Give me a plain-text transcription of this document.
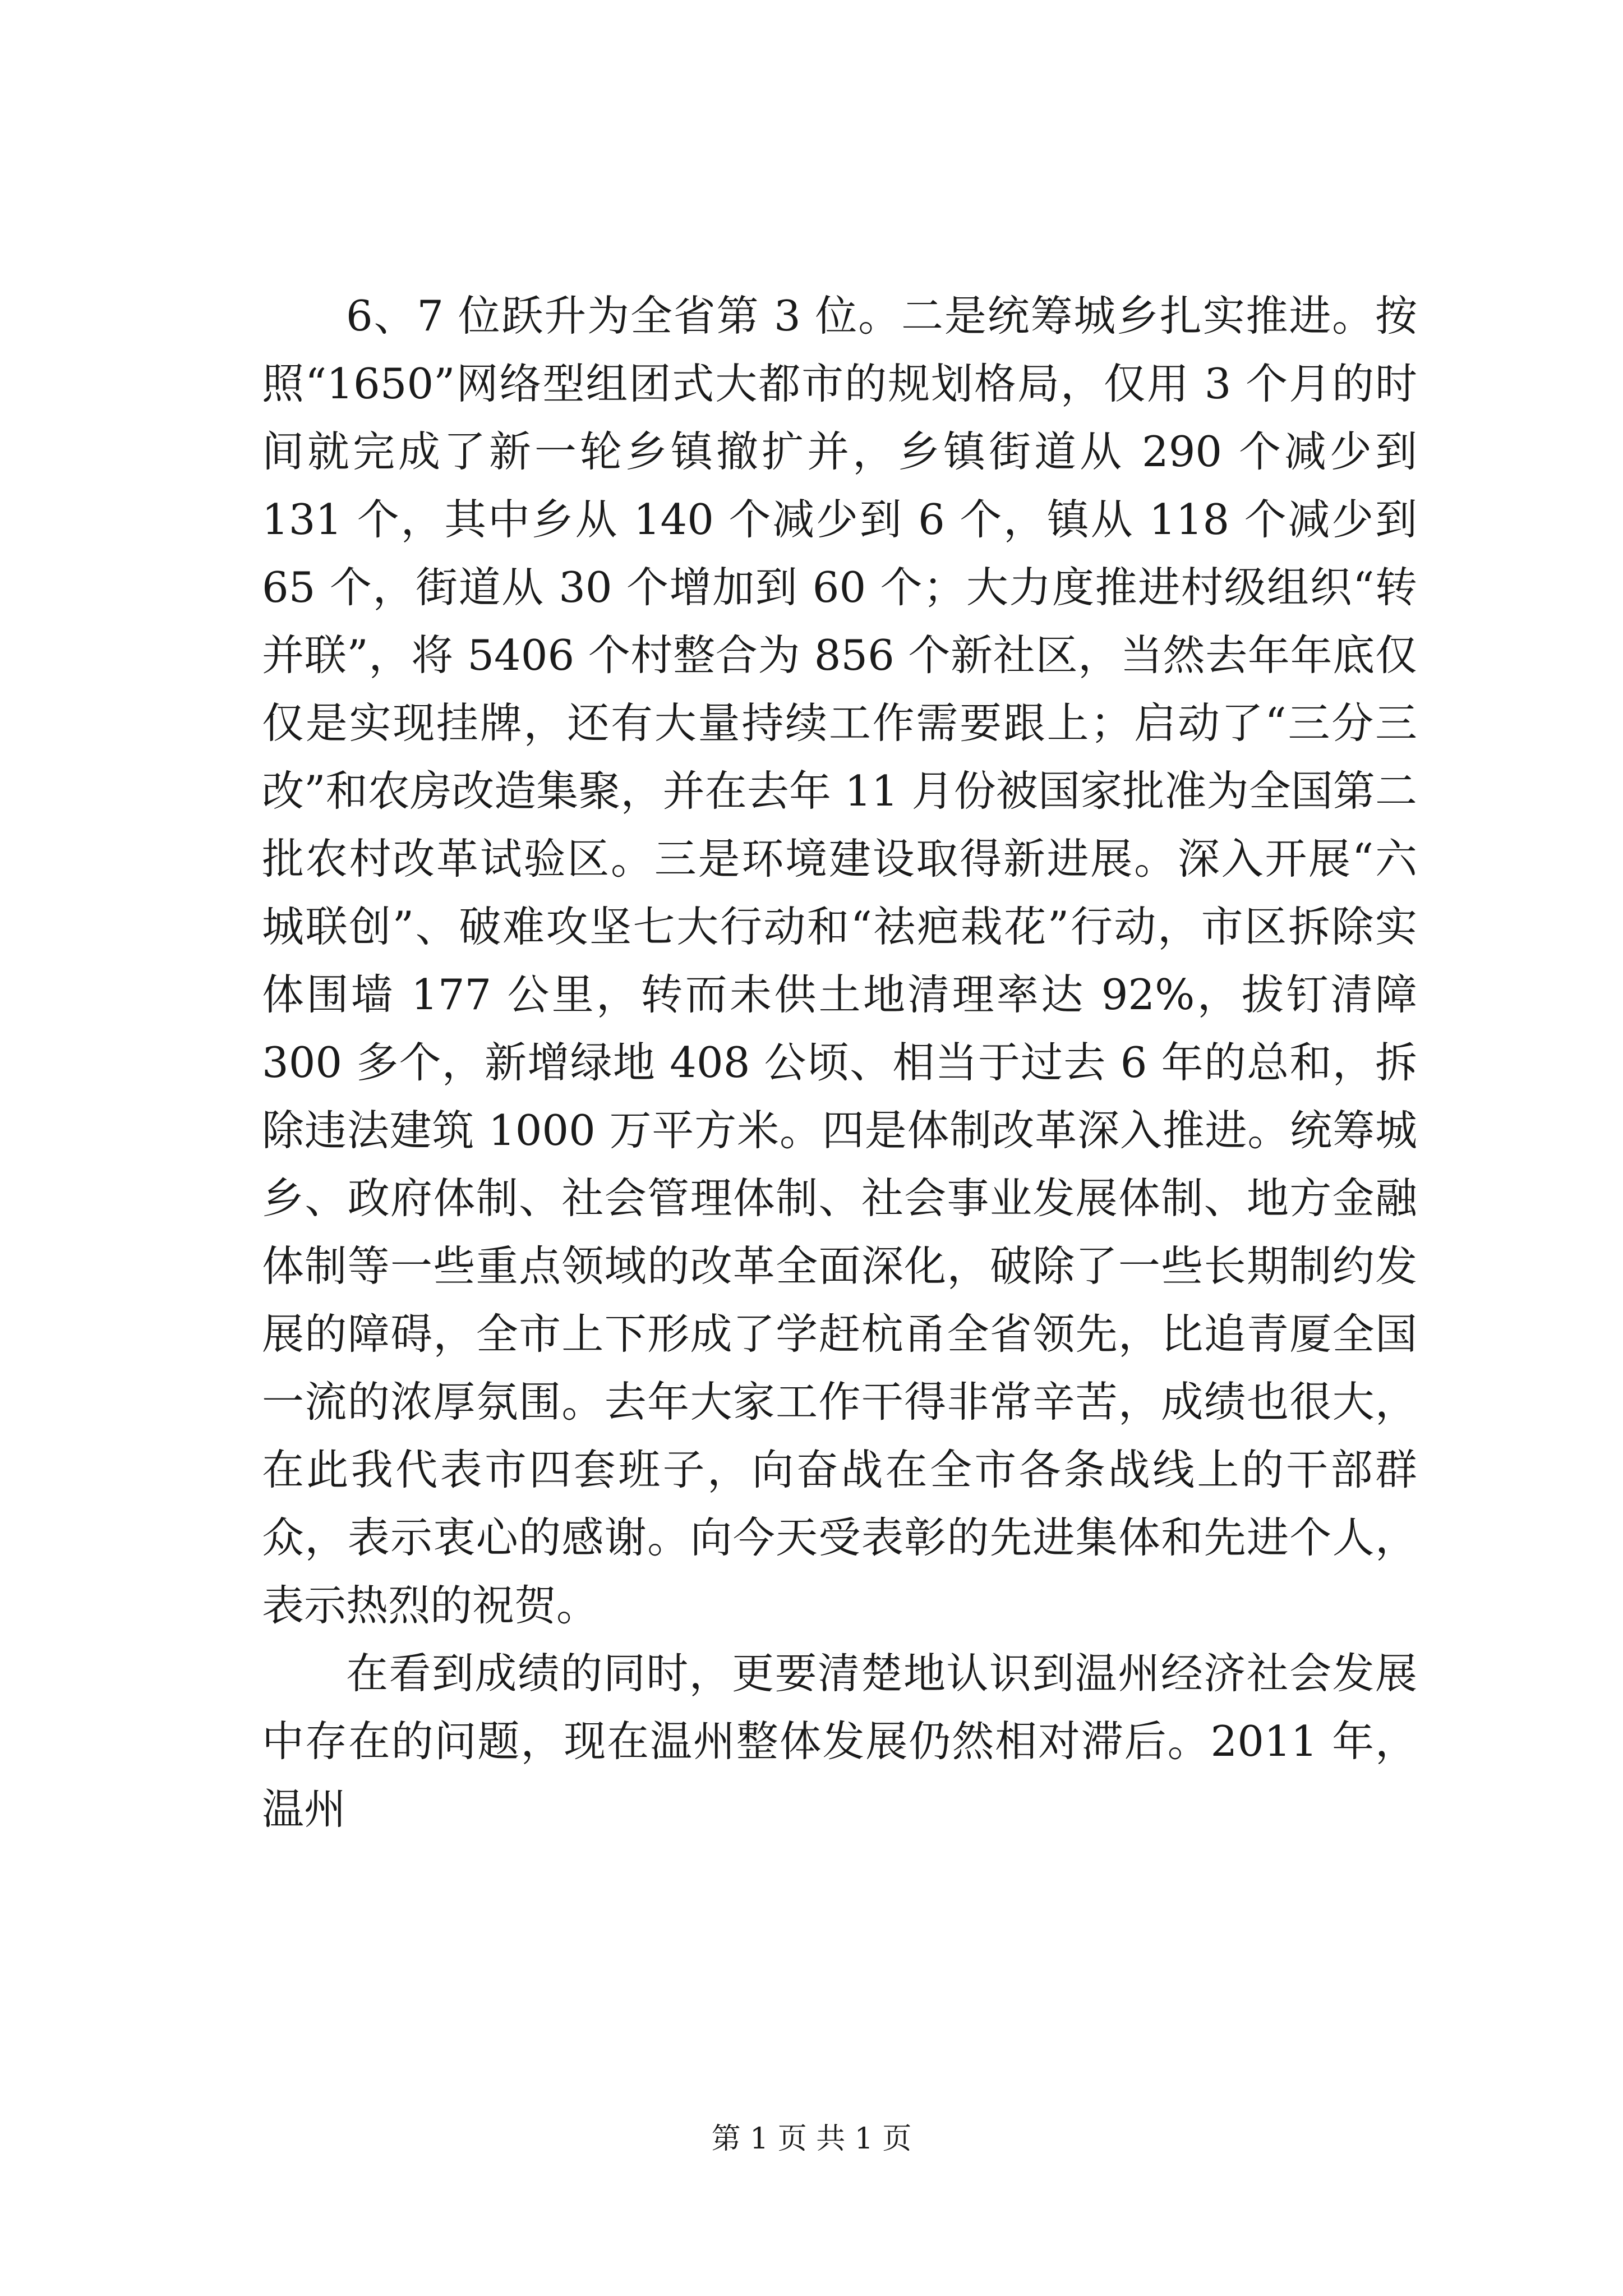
6、7 位跃升为全省第 3 位。二是统筹城乡扎实推进。按照“1650”网络型组团式大都市的规划格局，仅用 3 个月的时间就完成了新一轮乡镇撤扩并，乡镇街道从 290 个减少到 131 个，其中乡从 140 个减少到 6 个，镇从 118 个减少到 65 个，街道从 30 个增加到 60 个；大力度推进村级组织“转并联”，将 5406 个村整合为 856 个新社区，当然去年年底仅仅是实现挂牌，还有大量持续工作需要跟上；启动了“三分三改”和农房改造集聚，并在去年 11 月份被国家批准为全国第二批农村改革试验区。三是环境建设取得新进展。深入开展“六城联创”、破难攻坚七大行动和“祛疤栽花”行动，市区拆除实体围墙 177 公里，转而未供土地清理率达 92%，拔钉清障 300 多个，新增绿地 408 公顷、相当于过去 6 年的总和，拆除违法建筑 1000 万平方米。四是体制改革深入推进。统筹城乡、政府体制、社会管理体制、社会事业发展体制、地方金融体制等一些重点领域的改革全面深化，破除了一些长期制约发展的障碍，全市上下形成了学赶杭甬全省领先，比追青厦全国一流的浓厚氛围。去年大家工作干得非常辛苦，成绩也很大，在此我代表市四套班子，向奋战在全市各条战线上的干部群众，表示衷心的感谢。向今天受表彰的先进集体和先进个人，表示热烈的祝贺。

在看到成绩的同时，更要清楚地认识到温州经济社会发展中存在的问题，现在温州整体发展仍然相对滞后。2011 年，温州

第 1 页 共 1 页
